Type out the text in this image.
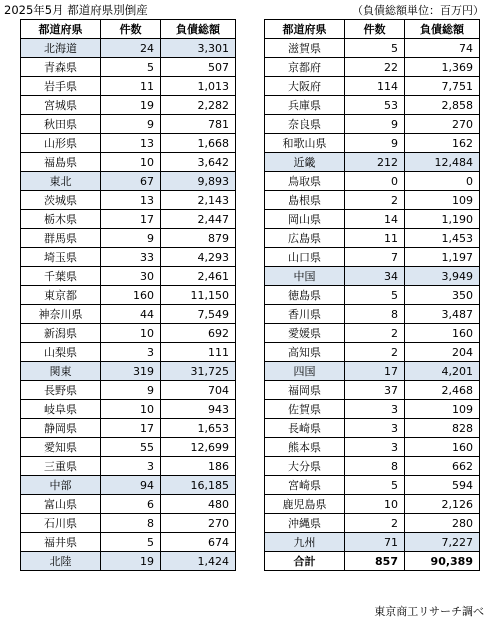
2025年5月 都道府県別倒産	（負債総額単位：百万円）
都道府県	件数	負債総額
北海道	24	3,301
青森県	5	507
岩手県	11	1,013
宮城県	19	2,282
秋田県	9	781
山形県	13	1,668
福島県	10	3,642
東北	67	9,893
茨城県	13	2,143
栃木県	17	2,447
群馬県	9	879
埼玉県	33	4,293
千葉県	30	2,461
東京都	160	11,150
神奈川県	44	7,549
新潟県	10	692
山梨県	3	111
関東	319	31,725
長野県	9	704
岐阜県	10	943
静岡県	17	1,653
愛知県	55	12,699
三重県	3	186
中部	94	16,185
富山県	6	480
石川県	8	270
福井県	5	674
北陸	19	1,424
都道府県	件数	負債総額
滋賀県	5	74
京都府	22	1,369
大阪府	114	7,751
兵庫県	53	2,858
奈良県	9	270
和歌山県	9	162
近畿	212	12,484
鳥取県	0	0
島根県	2	109
岡山県	14	1,190
広島県	11	1,453
山口県	7	1,197
中国	34	3,949
徳島県	5	350
香川県	8	3,487
愛媛県	2	160
高知県	2	204
四国	17	4,201
福岡県	37	2,468
佐賀県	3	109
長崎県	3	828
熊本県	3	160
大分県	8	662
宮崎県	5	594
鹿児島県	10	2,126
沖縄県	2	280
九州	71	7,227
合計	857	90,389
東京商工リサーチ調べ
